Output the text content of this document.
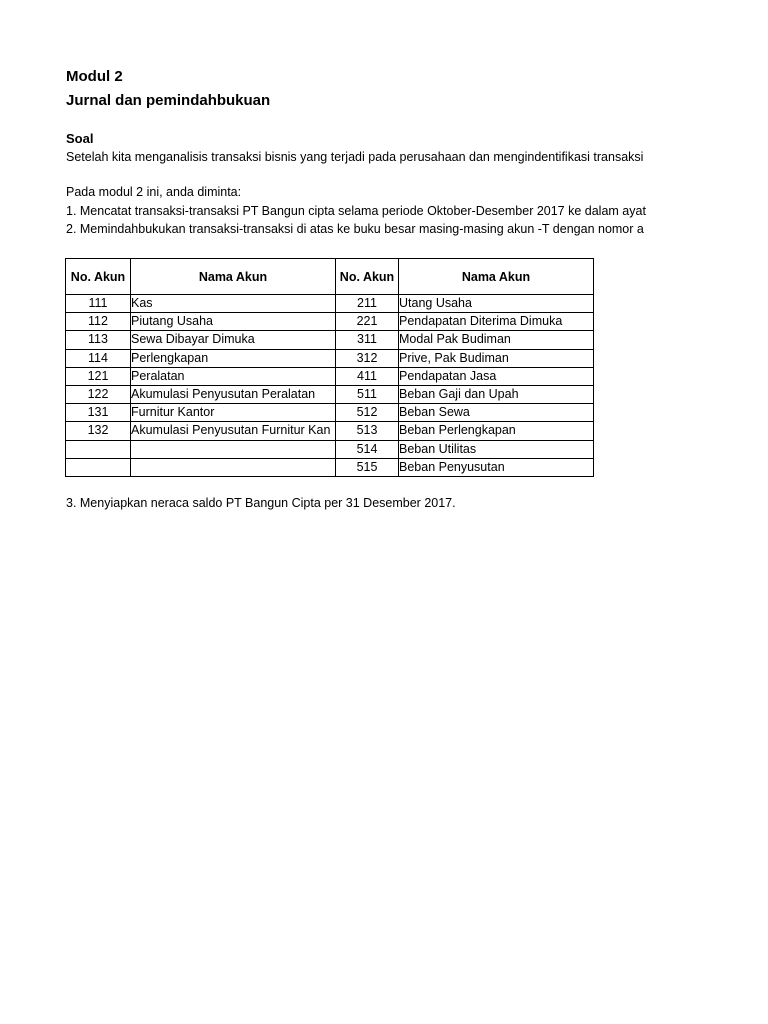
Modul 2
Jurnal dan pemindahbukuan
Soal
Setelah kita menganalisis transaksi bisnis yang terjadi pada perusahaan dan mengindentifikasi transaksi
Pada modul 2 ini, anda diminta:
1. Mencatat transaksi-transaksi PT Bangun cipta selama periode Oktober-Desember 2017 ke dalam ayat
2. Memindahbukukan transaksi-transaksi di atas ke buku besar masing-masing akun -T dengan nomor a
No. Akun	Nama Akun	No. Akun	Nama Akun
111	Kas	211	Utang Usaha
112	Piutang Usaha	221	Pendapatan Diterima Dimuka
113	Sewa Dibayar Dimuka	311	Modal Pak Budiman
114	Perlengkapan	312	Prive, Pak Budiman
121	Peralatan	411	Pendapatan Jasa
122	Akumulasi Penyusutan Peralatan	511	Beban Gaji dan Upah
131	Furnitur Kantor	512	Beban Sewa
132	Akumulasi Penyusutan Furnitur Kan	513	Beban Perlengkapan
		514	Beban Utilitas
		515	Beban Penyusutan
3. Menyiapkan neraca saldo PT Bangun Cipta per 31 Desember 2017.
